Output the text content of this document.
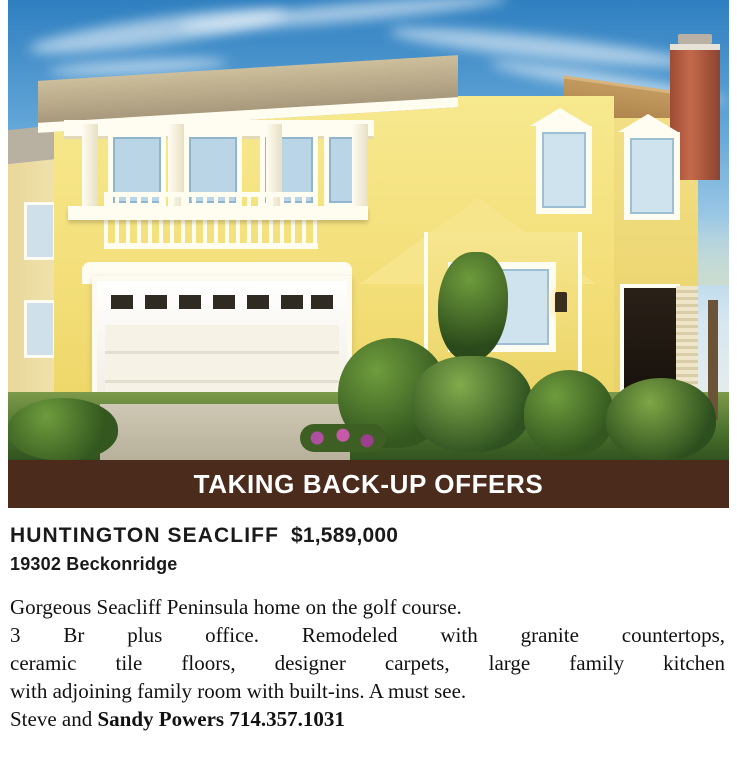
TAKING BACK-UP OFFERS
HUNTINGTON SEACLIFF $1,589,000
19302 Beckonridge

Gorgeous Seacliff Peninsula home on the golf course.
3 Br plus office. Remodeled with granite countertops,
ceramic tile floors, designer carpets, large family kitchen
with adjoining family room with built-ins. A must see.
Steve and Sandy Powers 714.357.1031
